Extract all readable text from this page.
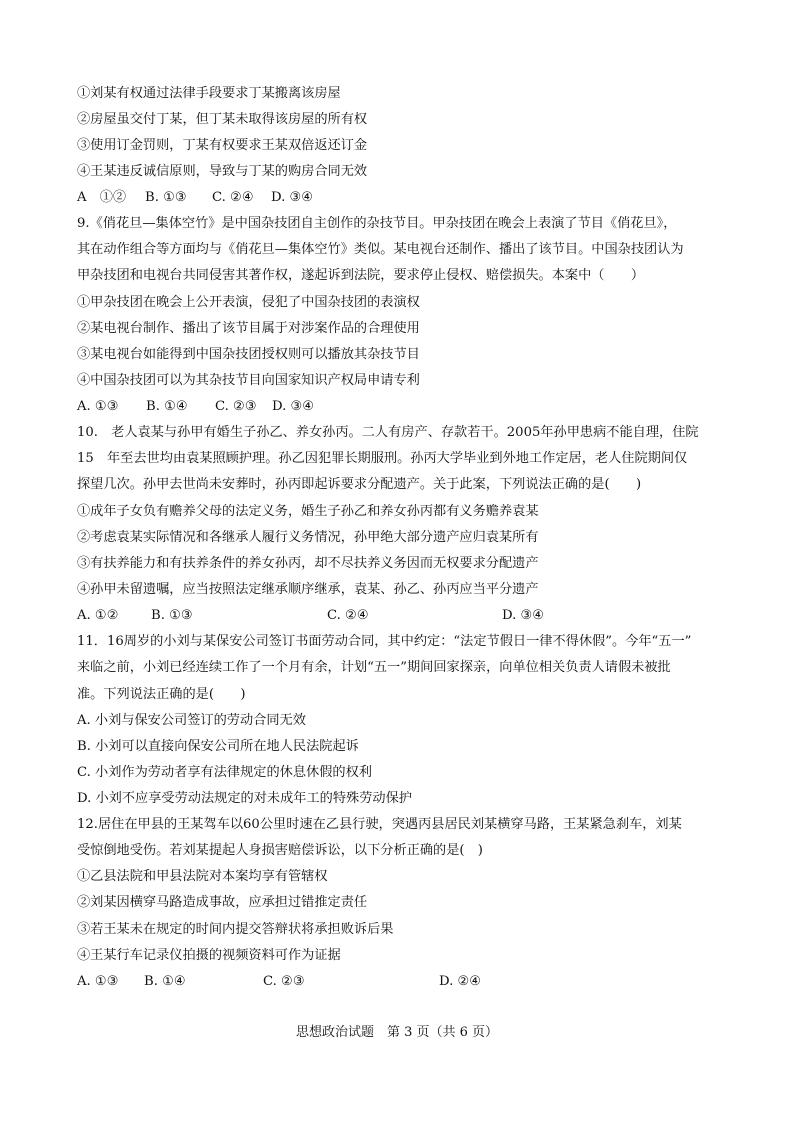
①刘某有权通过法律手段要求丁某搬离该房屋
②房屋虽交付丁某，但丁某未取得该房屋的所有权
③使用订金罚则，丁某有权要求王某双倍返还订金
④王某违反诚信原则，导致与丁某的购房合同无效
A　①②	B. ①③	C. ②④	D. ③④
9.《俏花旦—集体空竹》是中国杂技团自主创作的杂技节目。甲杂技团在晚会上表演了节目《俏花旦》，
其在动作组合等方面均与《俏花旦—集体空竹》类似。某电视台还制作、播出了该节目。中国杂技团认为
甲杂技团和电视台共同侵害其著作权，遂起诉到法院，要求停止侵权、赔偿损失。本案中（　　）
①甲杂技团在晚会上公开表演，侵犯了中国杂技团的表演权
②某电视台制作、播出了该节目属于对涉案作品的合理使用
③某电视台如能得到中国杂技团授权则可以播放其杂技节目
④中国杂技团可以为其杂技节目向国家知识产权局申请专利
A. ①③	B. ①④	C. ②③	D. ③④
10.　老人袁某与孙甲有婚生子孙乙、养女孙丙。二人有房产、存款若干。2005年孙甲患病不能自理，住院
15　年至去世均由袁某照顾护理。孙乙因犯罪长期服刑。孙丙大学毕业到外地工作定居，老人住院期间仅
探望几次。孙甲去世尚未安葬时，孙丙即起诉要求分配遗产。关于此案，下列说法正确的是(　　)
①成年子女负有赡养父母的法定义务，婚生子孙乙和养女孙丙都有义务赡养袁某
②考虑袁某实际情况和各继承人履行义务情况，孙甲绝大部分遗产应归袁某所有
③有扶养能力和有扶养条件的养女孙丙，却不尽扶养义务因而无权要求分配遗产
④孙甲未留遗嘱，应当按照法定继承顺序继承，袁某、孙乙、孙丙应当平分遗产
A. ①②	B. ①③	C. ②④	D. ③④
11．16周岁的小刘与某保安公司签订书面劳动合同，其中约定：“法定节假日一律不得休假”。今年“五一”
来临之前，小刘已经连续工作了一个月有余，计划“五一”期间回家探亲，向单位相关负责人请假未被批
准。下列说法正确的是(　　)
A. 小刘与保安公司签订的劳动合同无效
B. 小刘可以直接向保安公司所在地人民法院起诉
C. 小刘作为劳动者享有法律规定的休息休假的权利
D. 小刘不应享受劳动法规定的对未成年工的特殊劳动保护
12.居住在甲县的王某驾车以60公里时速在乙县行驶，突遇丙县居民刘某横穿马路，王某紧急刹车，刘某
受惊倒地受伤。若刘某提起人身损害赔偿诉讼，以下分析正确的是(　)
①乙县法院和甲县法院对本案均享有管辖权
②刘某因横穿马路造成事故，应承担过错推定责任
③若王某未在规定的时间内提交答辩状将承担败诉后果
④王某行车记录仪拍摄的视频资料可作为证据
A. ①③	B. ①④	C. ②③	D. ②④
思想政治试题　第 3 页（共 6 页）
